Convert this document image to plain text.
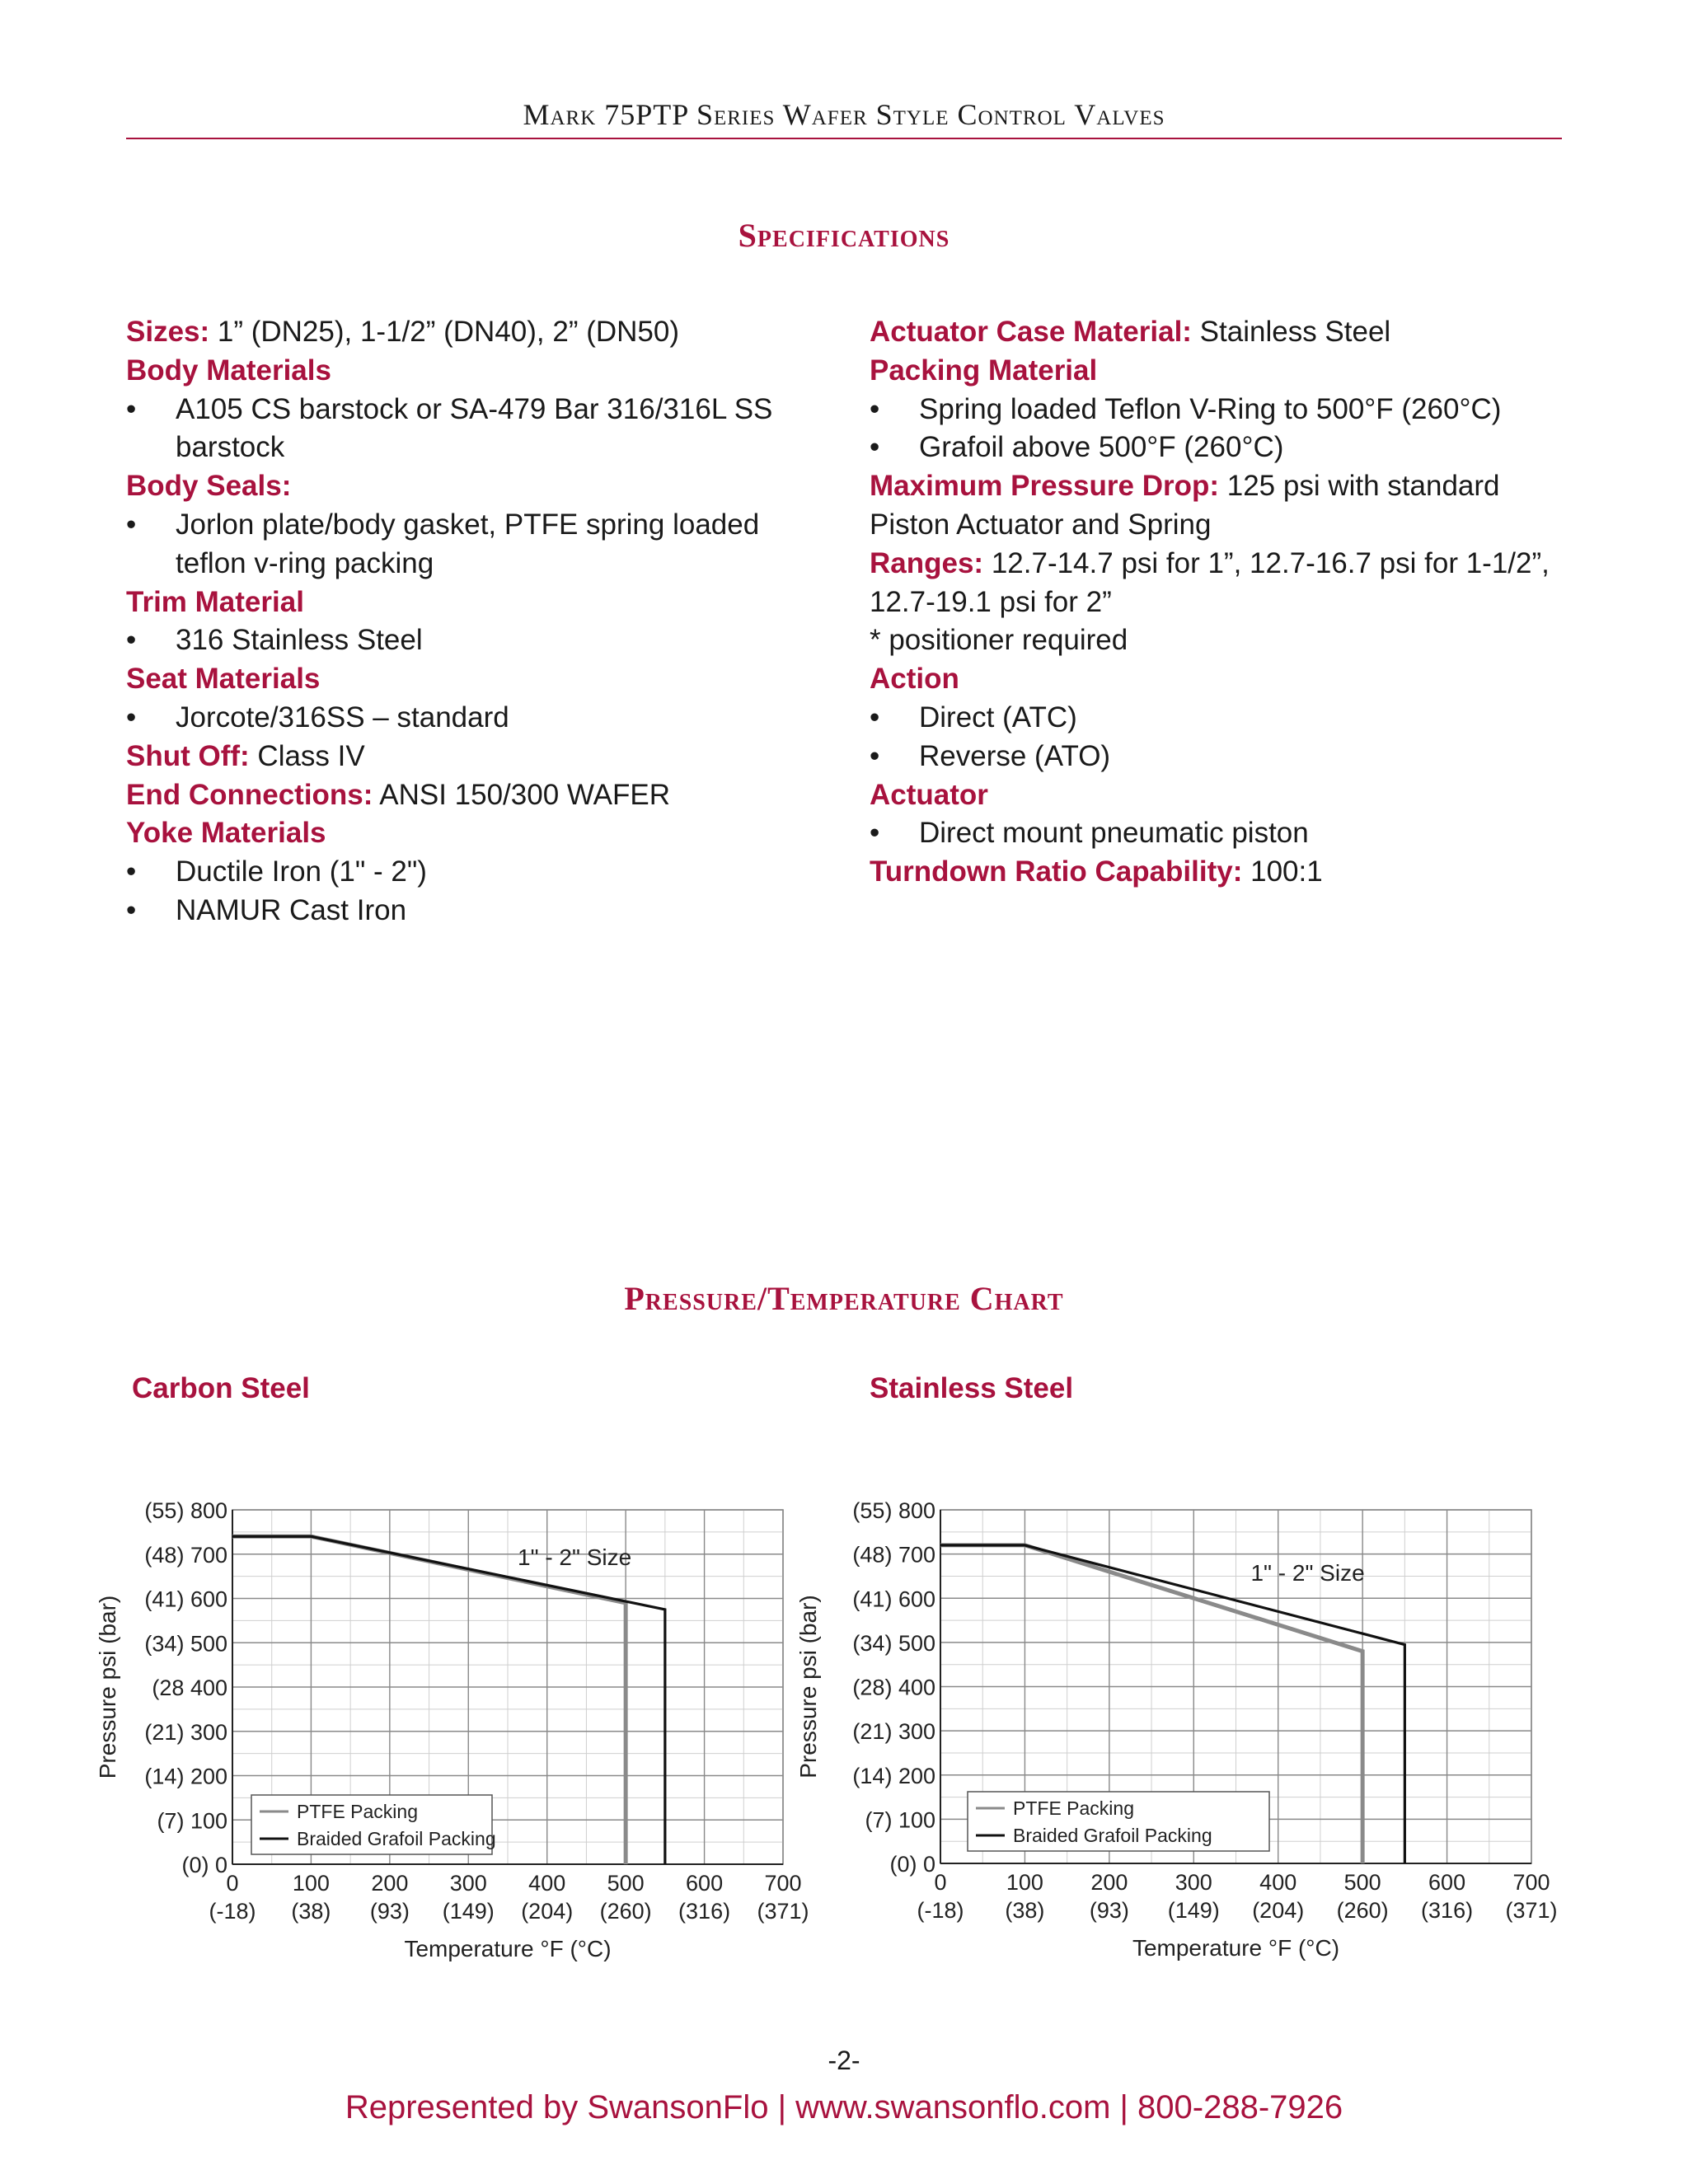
Mark 75PTP Series Wafer Style Control Valves
Specifications
Sizes: 1” (DN25), 1-1/2” (DN40), 2” (DN50)
Body Materials
• A105 CS barstock or SA-479 Bar 316/316L SS
barstock
Body Seals:
• Jorlon plate/body gasket, PTFE spring loaded
teflon v-ring packing
Trim Material
• 316 Stainless Steel
Seat Materials
• Jorcote/316SS – standard
Shut Off: Class IV
End Connections: ANSI 150/300 WAFER
Yoke Materials
• Ductile Iron (1" - 2")
• NAMUR Cast Iron
Actuator Case Material: Stainless Steel
Packing Material
• Spring loaded Teflon V-Ring to 500°F (260°C)
• Grafoil above 500°F (260°C)
Maximum Pressure Drop: 125 psi with standard
Piston Actuator and Spring
Ranges: 12.7-14.7 psi for 1”, 12.7-16.7 psi for 1-1/2”,
12.7-19.1 psi for 2”
* positioner required
Action
• Direct (ATC)
• Reverse (ATO)
Actuator
• Direct mount pneumatic piston
Turndown Ratio Capability: 100:1
Pressure/Temperature Chart
Carbon Steel	Stainless Steel
(0) 0
(7) 100
(14) 200
(21) 300
(28 400
(34) 500
(41) 600
(48) 700
(55) 800
0
(-18)
100
(38)
200
(93)
300
(149)
400
(204)
500
(260)
600
(316)
700
(371)
Temperature °F (°C)
Pressure psi (bar)
1" - 2" Size
PTFE Packing
Braided Grafoil Packing
(0) 0
(7) 100
(14) 200
(21) 300
(28) 400
(34) 500
(41) 600
(48) 700
(55) 800
0
(-18)
100
(38)
200
(93)
300
(149)
400
(204)
500
(260)
600
(316)
700
(371)
Temperature °F (°C)
Pressure psi (bar)
1" - 2" Size
PTFE Packing
Braided Grafoil Packing
-2-
Represented by SwansonFlo | www.swansonflo.com | 800-288-7926
